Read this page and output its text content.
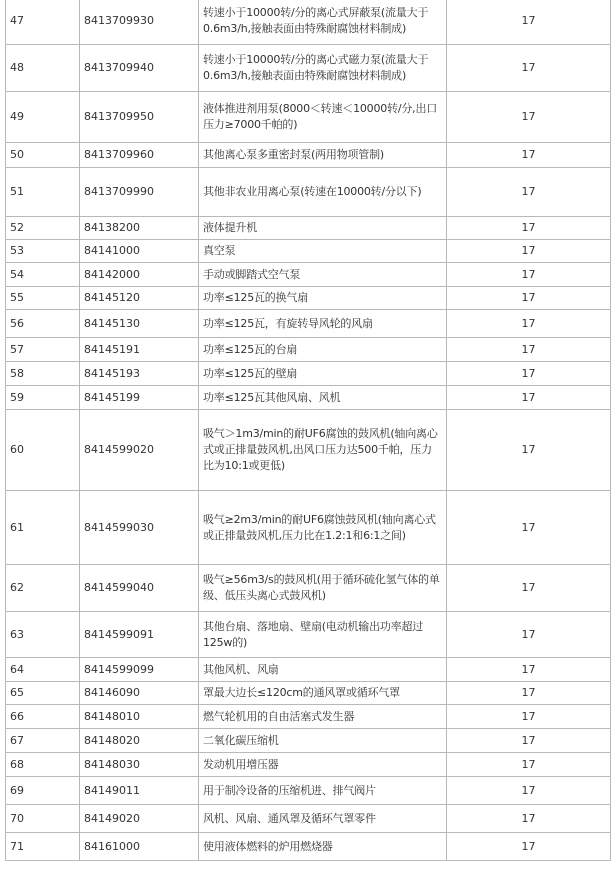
47	8413709930	转速小于10000转/分的离心式屏蔽泵(流量大于0.6m3/h,接触表面由特殊耐腐蚀材料制成)	17
48	8413709940	转速小于10000转/分的离心式磁力泵(流量大于0.6m3/h,接触表面由特殊耐腐蚀材料制成)	17
49	8413709950	液体推进剂用泵(8000＜转速＜10000转/分,出口压力≥7000千帕的)	17
50	8413709960	其他离心泵多重密封泵(两用物项管制)	17
51	8413709990	其他非农业用离心泵(转速在10000转/分以下)	17
52	84138200	液体提升机	17
53	84141000	真空泵	17
54	84142000	手动或脚踏式空气泵	17
55	84145120	功率≤125瓦的换气扇	17
56	84145130	功率≤125瓦，有旋转导风轮的风扇	17
57	84145191	功率≤125瓦的台扇	17
58	84145193	功率≤125瓦的壁扇	17
59	84145199	功率≤125瓦其他风扇、风机	17
60	8414599020	吸气＞1m3/min的耐UF6腐蚀的鼓风机(轴向离心式或正排量鼓风机,出风口压力达500千帕，压力比为10:1或更低)	17
61	8414599030	吸气≥2m3/min的耐UF6腐蚀鼓风机(轴向离心式或正排量鼓风机,压力比在1.2:1和6:1之间)	17
62	8414599040	吸气≥56m3/s的鼓风机(用于循环硫化氢气体的单级、低压头离心式鼓风机)	17
63	8414599091	其他台扇、落地扇、壁扇(电动机输出功率超过125w的)	17
64	8414599099	其他风机、风扇	17
65	84146090	罩最大边长≤120cm的通风罩或循环气罩	17
66	84148010	燃气轮机用的自由活塞式发生器	17
67	84148020	二氧化碳压缩机	17
68	84148030	发动机用增压器	17
69	84149011	用于制冷设备的压缩机进、排气阀片	17
70	84149020	风机、风扇、通风罩及循环气罩零件	17
71	84161000	使用液体燃料的炉用燃烧器	17
